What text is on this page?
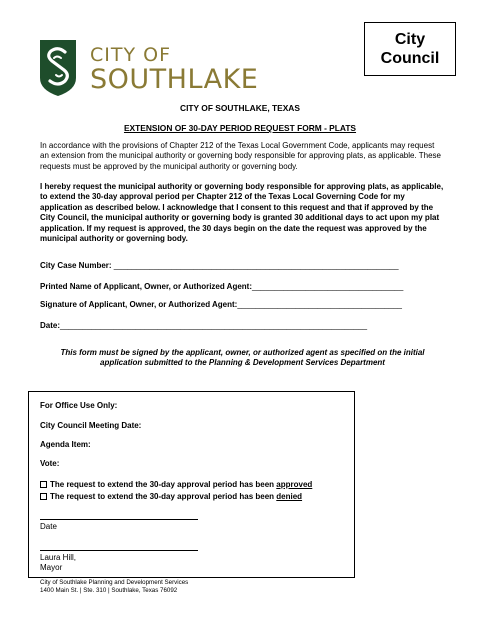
CITY OF
SOUTHLAKE
City
Council
CITY OF SOUTHLAKE, TEXAS
EXTENSION OF 30-DAY PERIOD REQUEST FORM - PLATS
In accordance with the provisions of Chapter 212 of the Texas Local Government Code, applicants may request an extension from the municipal authority or governing body responsible for approving plats, as applicable. These requests must be approved by the municipal authority or governing body.
I hereby request the municipal authority or governing body responsible for approving plats, as applicable, to extend the 30-day approval period per Chapter 212 of the Texas Local Governing Code for my application as described below. I acknowledge that I consent to this request and that if approved by the City Council, the municipal authority or governing body is granted 30 additional days to act upon my plat application. If my request is approved, the 30 days begin on the date the request was approved by the municipal authority or governing body.
City Case Number: ________________________________________________________________
Printed Name of Applicant, Owner, or Authorized Agent:__________________________________
Signature of Applicant, Owner, or Authorized Agent:_____________________________________
Date:_____________________________________________________________________
This form must be signed by the applicant, owner, or authorized agent as specified on the initial application submitted to the Planning & Development Services Department
For Office Use Only:
City Council Meeting Date:
Agenda Item:
Vote:
The request to extend the 30-day approval period has been approved
The request to extend the 30-day approval period has been denied
Date
Laura Hill,
Mayor
City of Southlake Planning and Development Services
1400 Main St. | Ste. 310 | Southlake, Texas 76092
